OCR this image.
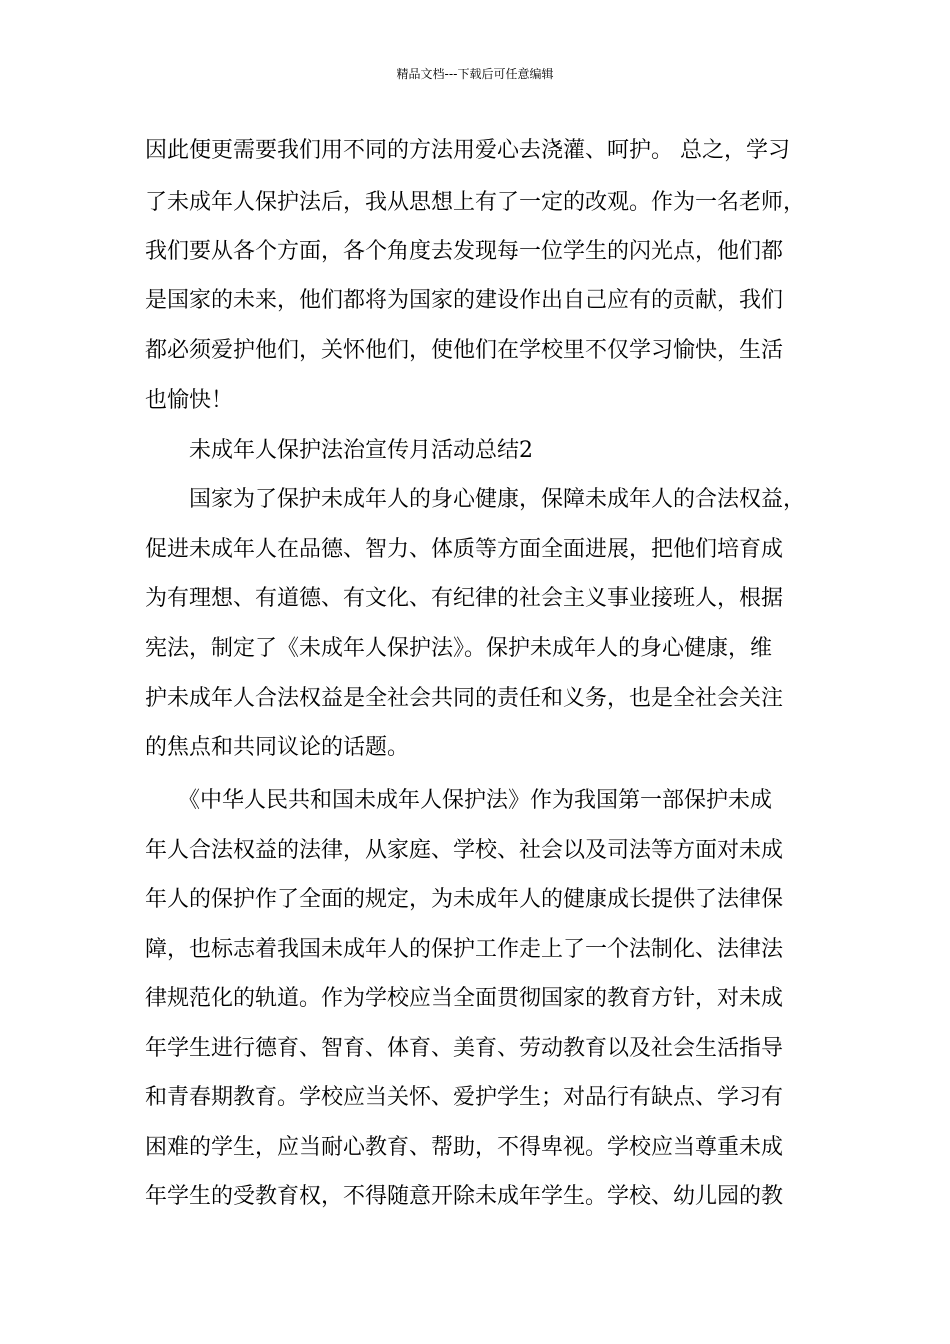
精品文档---下载后可任意编辑
因此便更需要我们用不同的方法用爱心去浇灌、呵护。 总之，学习
了未成年人保护法后，我从思想上有了一定的改观。作为一名老师，
我们要从各个方面，各个角度去发现每一位学生的闪光点，他们都
是国家的未来，他们都将为国家的建设作出自己应有的贡献，我们
都必须爱护他们，关怀他们，使他们在学校里不仅学习愉快，生活
也愉快！
　　未成年人保护法治宣传月活动总结2
　　国家为了保护未成年人的身心健康，保障未成年人的合法权益，
促进未成年人在品德、智力、体质等方面全面进展，把他们培育成
为有理想、有道德、有文化、有纪律的社会主义事业接班人，根据
宪法，制定了《未成年人保护法》。保护未成年人的身心健康，维
护未成年人合法权益是全社会共同的责任和义务，也是全社会关注
的焦点和共同议论的话题。
　　《中华人民共和国未成年人保护法》作为我国第一部保护未成
年人合法权益的法律，从家庭、学校、社会以及司法等方面对未成
年人的保护作了全面的规定，为未成年人的健康成长提供了法律保
障，也标志着我国未成年人的保护工作走上了一个法制化、法律法
律规范化的轨道。作为学校应当全面贯彻国家的教育方针，对未成
年学生进行德育、智育、体育、美育、劳动教育以及社会生活指导
和青春期教育。学校应当关怀、爱护学生；对品行有缺点、学习有
困难的学生，应当耐心教育、帮助，不得卑视。学校应当尊重未成
年学生的受教育权，不得随意开除未成年学生。学校、幼儿园的教
